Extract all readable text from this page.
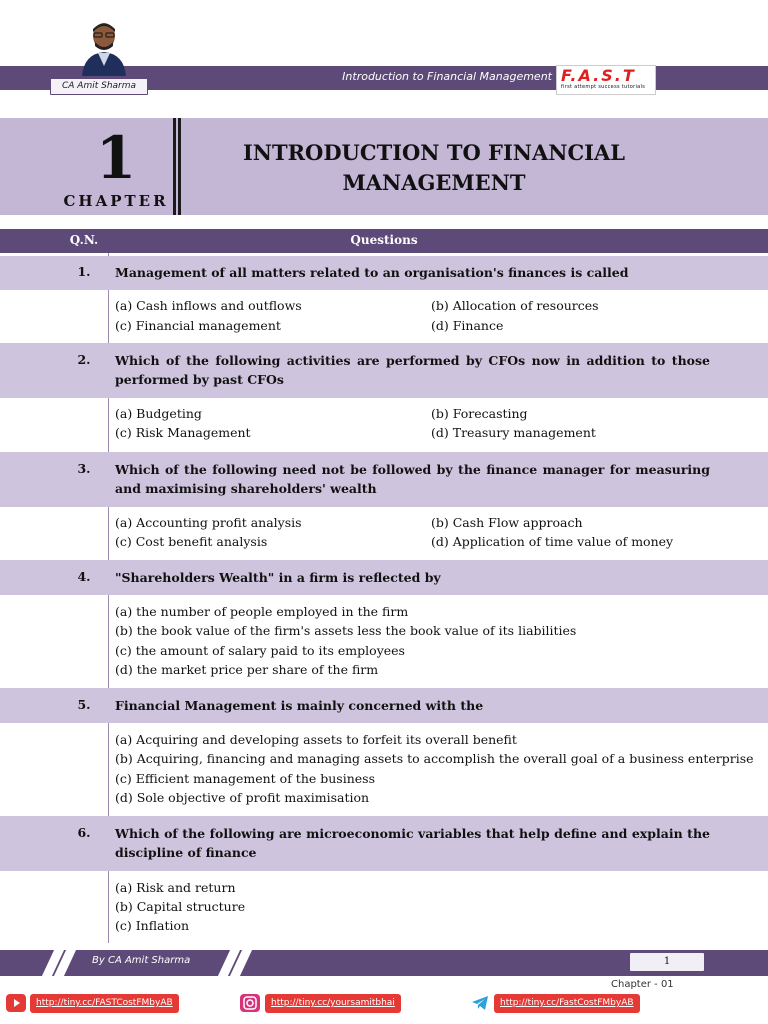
Introduction to Financial Management
CA Amit Sharma
F.A.S.T
first attempt success tutorials
1
CHAPTER
INTRODUCTION TO FINANCIAL MANAGEMENT
Q.N.	Questions
1.	Management of all matters related to an organisation's finances is called
(a) Cash inflows and outflows	(b) Allocation of resources
(c) Financial management	(d) Finance
2.	Which of the following activities are performed by CFOs now in addition to those performed by past CFOs
(a) Budgeting	(b) Forecasting
(c) Risk Management	(d) Treasury management
3.	Which of the following need not be followed by the finance manager for measuring and maximising shareholders' wealth
(a) Accounting profit analysis	(b) Cash Flow approach
(c) Cost benefit analysis	(d) Application of time value of money
4.	"Shareholders Wealth" in a firm is reflected by
(a) the number of people employed in the firm
(b) the book value of the firm's assets less the book value of its liabilities
(c) the amount of salary paid to its employees
(d) the market price per share of the firm
5.	Financial Management is mainly concerned with the
(a) Acquiring and developing assets to forfeit its overall benefit
(b) Acquiring, financing and managing assets to accomplish the overall goal of a business enterprise
(c) Efficient management of the business
(d) Sole objective of profit maximisation
6.	Which of the following are microeconomic variables that help define and explain the discipline of finance
(a) Risk and return
(b) Capital structure
(c) Inflation
By CA Amit Sharma	1
Chapter - 01
http://tiny.cc/FASTCostFMbyAB	http://tiny.cc/yoursamitbhai	http://tiny.cc/FastCostFMbyAB
